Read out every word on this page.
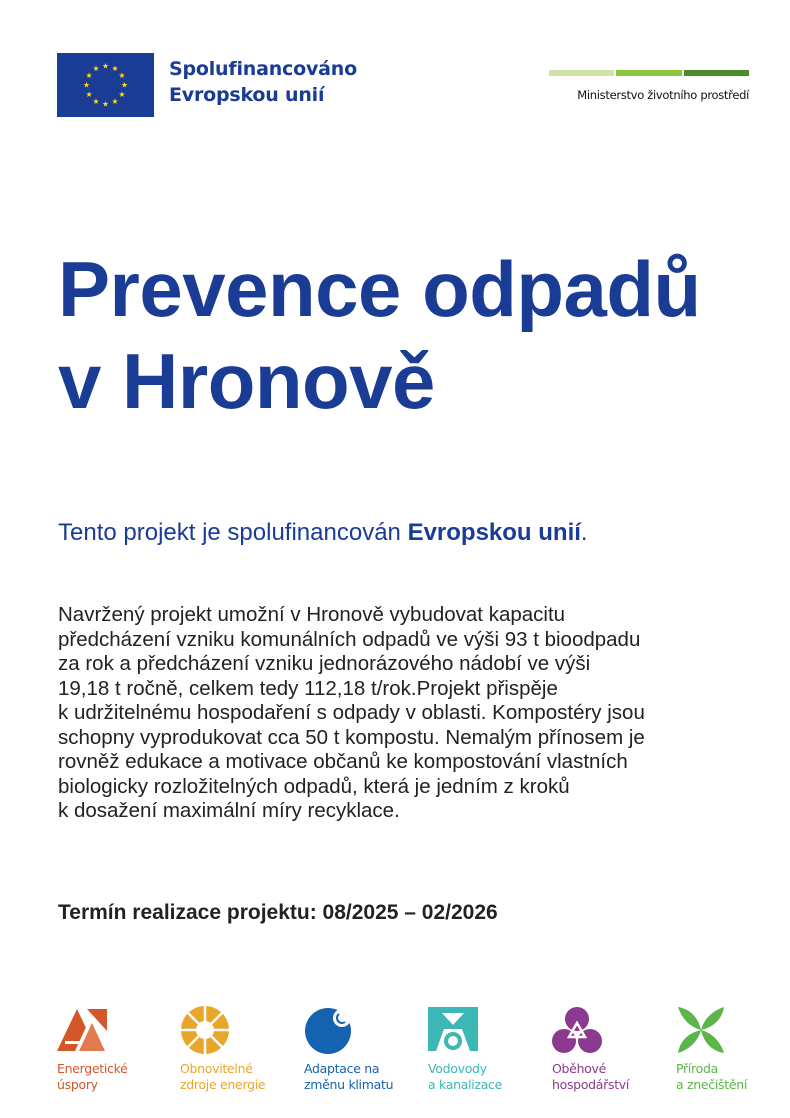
Spolufinancováno
Evropskou unií	Ministerstvo životního prostředí
Prevence odpadů
v Hronově

Tento projekt je spolufinancován Evropskou unií.

Navržený projekt umožní v Hronově vybudovat kapacitu
předcházení vzniku komunálních odpadů ve výši 93 t bioodpadu
za rok a předcházení vzniku jednorázového nádobí ve výši
19,18 t ročně, celkem tedy 112,18 t/rok.Projekt přispěje
k udržitelnému hospodaření s odpady v oblasti. Kompostéry jsou
schopny vyprodukovat cca 50 t kompostu. Nemalým přínosem je
rovněž edukace a motivace občanů ke kompostování vlastních
biologicky rozložitelných odpadů, která je jedním z kroků
k dosažení maximální míry recyklace.

Termín realizace projektu: 08/2025 – 02/2026

Energetické
úspory
Obnovitelné
zdroje energie
Adaptace na
změnu klimatu
Vodovody
a kanalizace
Oběhové
hospodářství
Příroda
a znečištění
